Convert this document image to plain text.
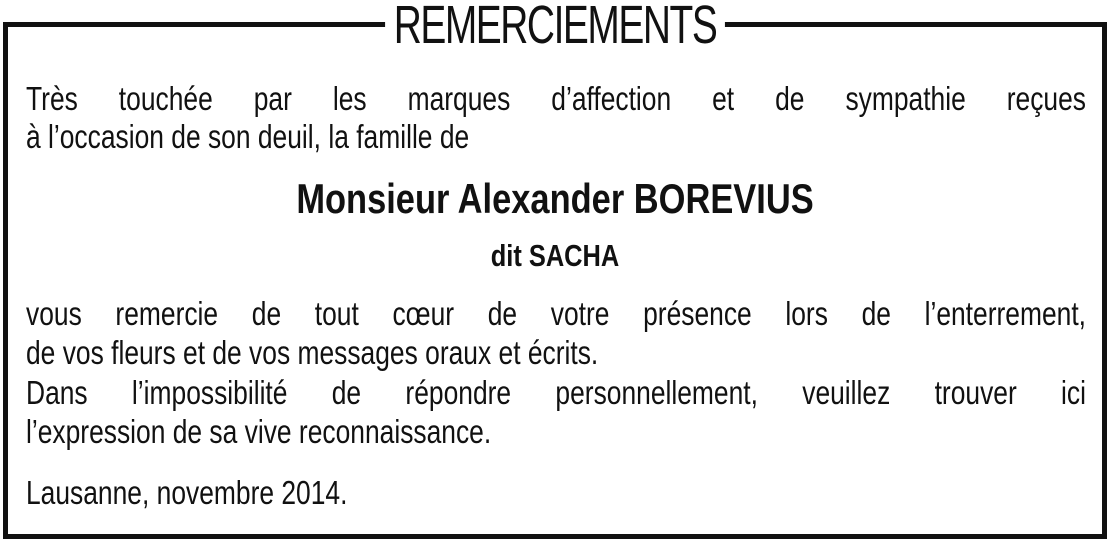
REMERCIEMENTS
Très touchée par les marques d’affection et de sympathie reçues
à l’occasion de son deuil, la famille de
Monsieur Alexander BOREVIUS
dit SACHA
vous remercie de tout cœur de votre présence lors de l’enterrement,
de vos fleurs et de vos messages oraux et écrits.
Dans l’impossibilité de répondre personnellement, veuillez trouver ici
l’expression de sa vive reconnaissance.
Lausanne, novembre 2014.
